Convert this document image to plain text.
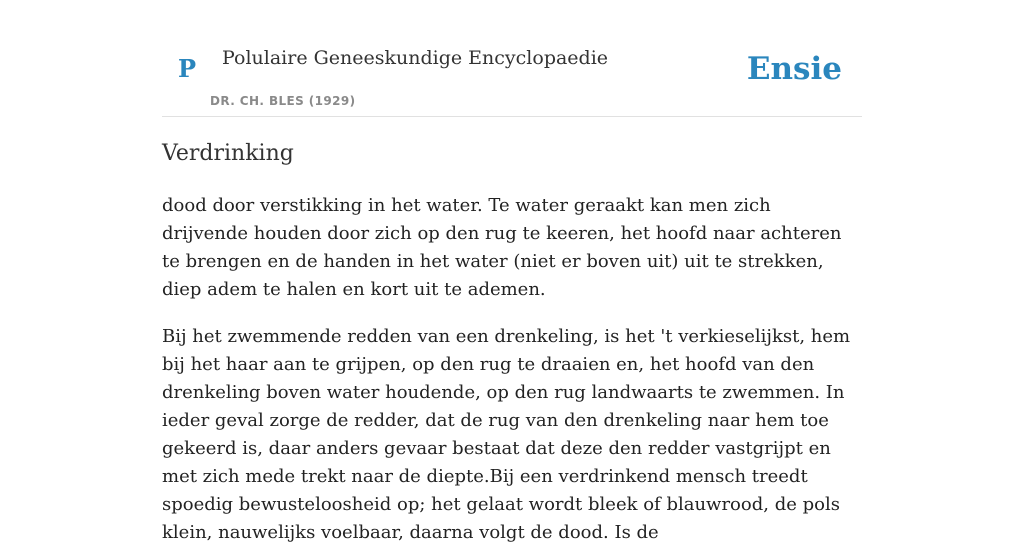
P Polulaire Geneeskundige Encyclopaedie
DR. CH. BLES (1929)
Ensie
Verdrinking

dood door verstikking in het water. Te water geraakt kan men zich drijvende houden door zich op den rug te keeren, het hoofd naar achteren te brengen en de handen in het water (niet er boven uit) uit te strekken, diep adem te halen en kort uit te ademen.

Bij het zwemmende redden van een drenkeling, is het 't verkieselijkst, hem bij het haar aan te grijpen, op den rug te draaien en, het hoofd van den drenkeling boven water houdende, op den rug landwaarts te zwemmen. In ieder geval zorge de redder, dat de rug van den drenkeling naar hem toe gekeerd is, daar anders gevaar bestaat dat deze den redder vastgrijpt en met zich mede trekt naar de diepte.Bij een verdrinkend mensch treedt spoedig bewusteloosheid op; het gelaat wordt bleek of blauwrood, de pols klein, nauwelijks voelbaar, daarna volgt de dood. Is de
